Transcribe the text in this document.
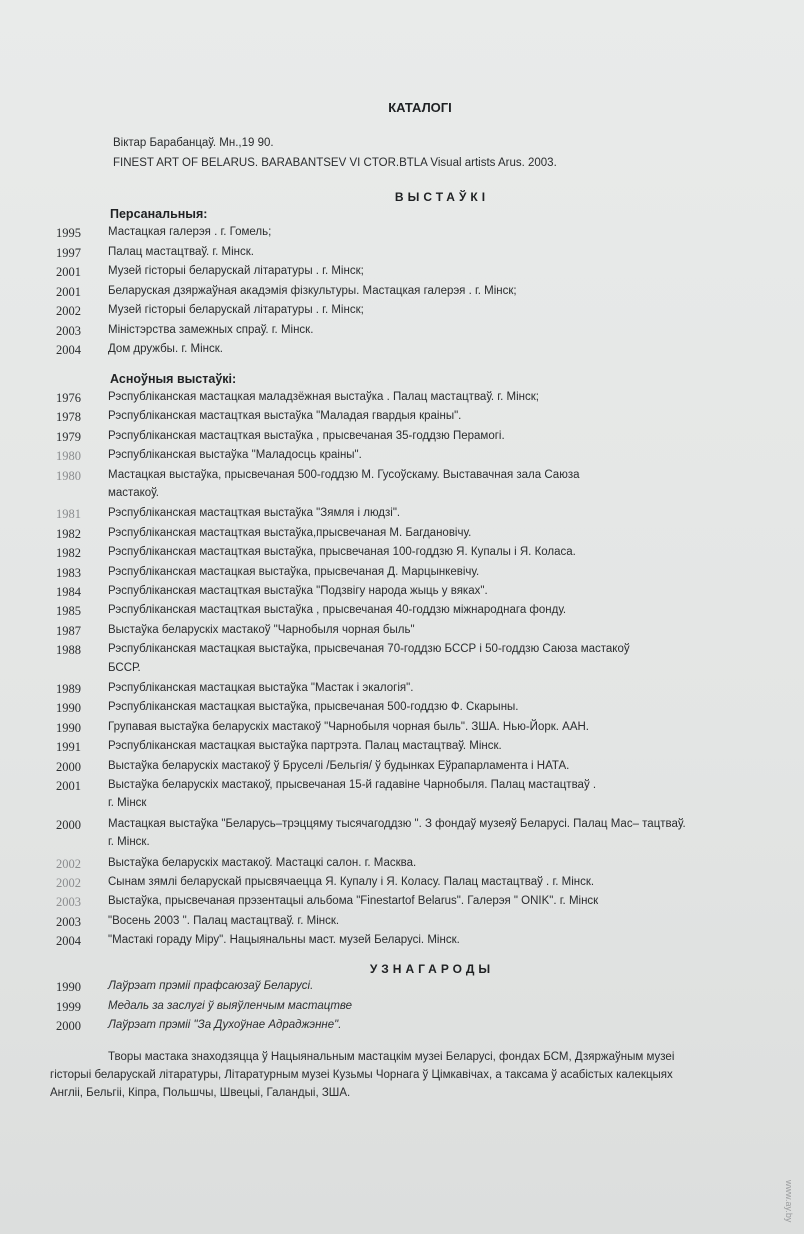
КАТАЛОГІ
Віктар Барабанцаў. Мн.,19 90.
FINEST ART OF BELARUS. BARABANTSEV VI CTOR.BTLA Visual artists Arus. 2003.
ВЫСТАЎКІ
Персанальныя:
1995 Мастацкая галерэя . г. Гомель;
1997 Палац мастацтваў. г. Мінск.
2001 Музей гісторыі беларускай літаратуры . г. Мінск;
2001 Беларуская дзяржаўная акадэмія фізкультуры. Мастацкая галерэя . г. Мінск;
2002 Музей гісторыі беларускай літаратуры . г. Мінск;
2003 Міністэрства замежных спраў. г. Мінск.
2004 Дом дружбы. г. Мінск.
Асноўныя выстаўкі:
1976 Рэспубліканская мастацкая маладзёжная выстаўка . Палац мастацтваў. г. Мінск;
1978 Рэспубліканская мастацткая выстаўка "Маладая гвардыя краіны".
1979 Рэспубліканская мастацткая выстаўка , прысвечаная 35-годдзю Перамогі.
1980 Рэспубліканская выстаўка "Маладосць краіны".
1980 Мастацкая выстаўка, прысвечаная 500-годдзю М. Гусоўскаму. Выставачная зала Саюза
мастакоў.
1981 Рэспубліканская мастацткая выстаўка "Зямля і людзі".
1982 Рэспубліканская мастацткая выстаўка,прысвечаная М. Багдановічу.
1982 Рэспубліканская мастацткая выстаўка, прысвечаная 100-годдзю Я. Купалы і Я. Коласа.
1983 Рэспубліканская мастацкая выстаўка, прысвечаная Д. Марцынкевічу.
1984 Рэспубліканская мастацткая выстаўка "Подзвігу народа жыць у вяках".
1985 Рэспубліканская мастацткая выстаўка , прысвечаная 40-годдзю міжнароднага фонду.
1987 Выстаўка беларускіх мастакоў "Чарнобыля чорная быль"
1988 Рэспубліканская мастацкая выстаўка, прысвечаная 70-годдзю БССР і 50-годдзю Саюза мастакоў
БССР.
1989 Рэспубліканская мастацкая выстаўка "Мастак і экалогія".
1990 Рэспубліканская мастацкая выстаўка, прысвечаная 500-годдзю Ф. Скарыны.
1990 Групавая выстаўка беларускіх мастакоў "Чарнобыля чорная быль". ЗША. Нью-Йорк. ААН.
1991 Рэспубліканская мастацкая выстаўка партрэта. Палац мастацтваў. Мінск.
2000 Выстаўка беларускіх мастакоў ў Бруселі /Бельгія/ ў будынках Еўрапарламента і НАТА.
2001 Выстаўка беларускіх мастакоў, прысвечаная 15-й гадавіне Чарнобыля. Палац мастацтваў .
г. Мінск
2000 Мастацкая выстаўка "Беларусь–трэццяму тысячагоддзю ". З фондаў музеяў Беларусі. Палац Мас– тацтваў.
г. Мінск.
2002 Выстаўка беларускіх мастакоў. Мастацкі салон. г. Масква.
2002 Сынам зямлі беларускай прысвячаецца Я. Купалу і Я. Коласу. Палац мастацтваў . г. Мінск.
2003 Выстаўка, прысвечаная прэзентацыі альбома "Finestartof Belarus". Галерэя " ONIK". г. Мінск
2003 "Восень 2003 ". Палац мастацтваў. г. Мінск.
2004 "Мастакі гораду Міру". Нацыянальны маст. музей Беларусі. Мінск.
УЗНАГАРОДЫ
1990 Лаўрэат прэміі прафсаюзаў Беларусі.
1999 Медаль за заслугі ў выяўленчым мастацтве
2000 Лаўрэат прэміі "За Духоўнае Адраджэнне".
Творы мастака знаходзяцца ў Нацыянальным мастацкім музеі Беларусі, фондах БСМ, Дзяржаўным музеі
гісторыі беларускай літаратуры, Літаратурным музеі Кузьмы Чорнага ў Цімкавічах, а таксама ў асабістых калекцыях
Англіі, Бельгіі, Кіпра, Польшчы, Швецыі, Галандыі, ЗША.
www.ay.by
